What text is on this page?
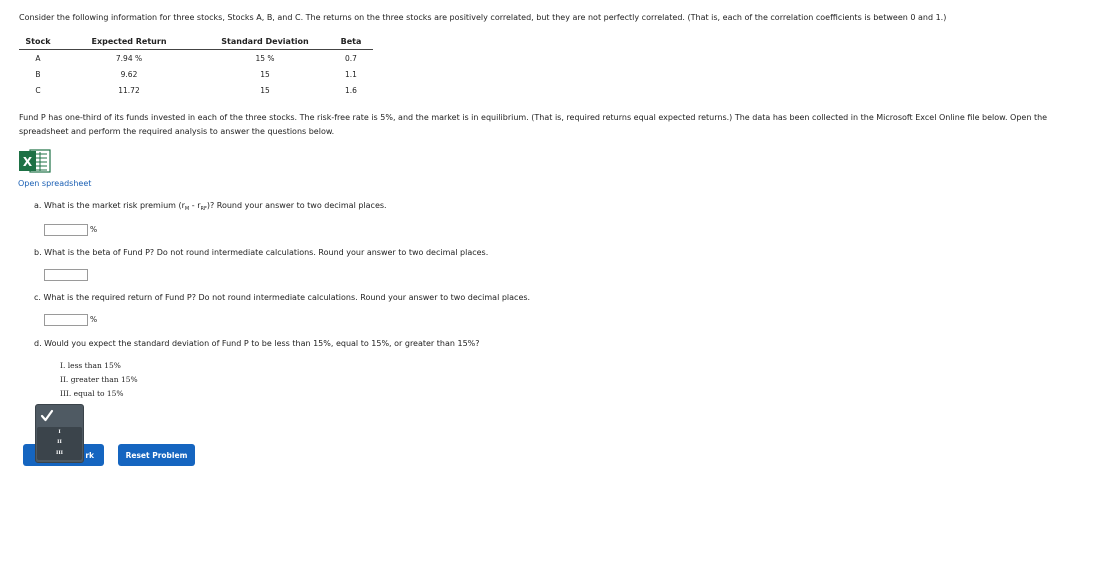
Consider the following information for three stocks, Stocks A, B, and C. The returns on the three stocks are positively correlated, but they are not perfectly correlated. (That is, each of the correlation coefficients is between 0 and 1.)
Stock	Expected Return	Standard Deviation	Beta
A	7.94 %	15 %	0.7
B	9.62	15	1.1
C	11.72	15	1.6
Fund P has one-third of its funds invested in each of the three stocks. The risk-free rate is 5%, and the market is in equilibrium. (That is, required returns equal expected returns.) The data has been collected in the Microsoft Excel Online file below. Open the spreadsheet and perform the required analysis to answer the questions below.
X
Open spreadsheet
a. What is the market risk premium $(r_M - r_{RF})$? Round your answer to two decimal places.
%
b. What is the beta of Fund P? Do not round intermediate calculations. Round your answer to two decimal places.
c. What is the required return of Fund P? Do not round intermediate calculations. Round your answer to two decimal places.
%
d. Would you expect the standard deviation of Fund P to be less than 15%, equal to 15%, or greater than 15%?
I. less than 15%
II. greater than 15%
III. equal to 15%
rk	Reset Problem
I
II
III
